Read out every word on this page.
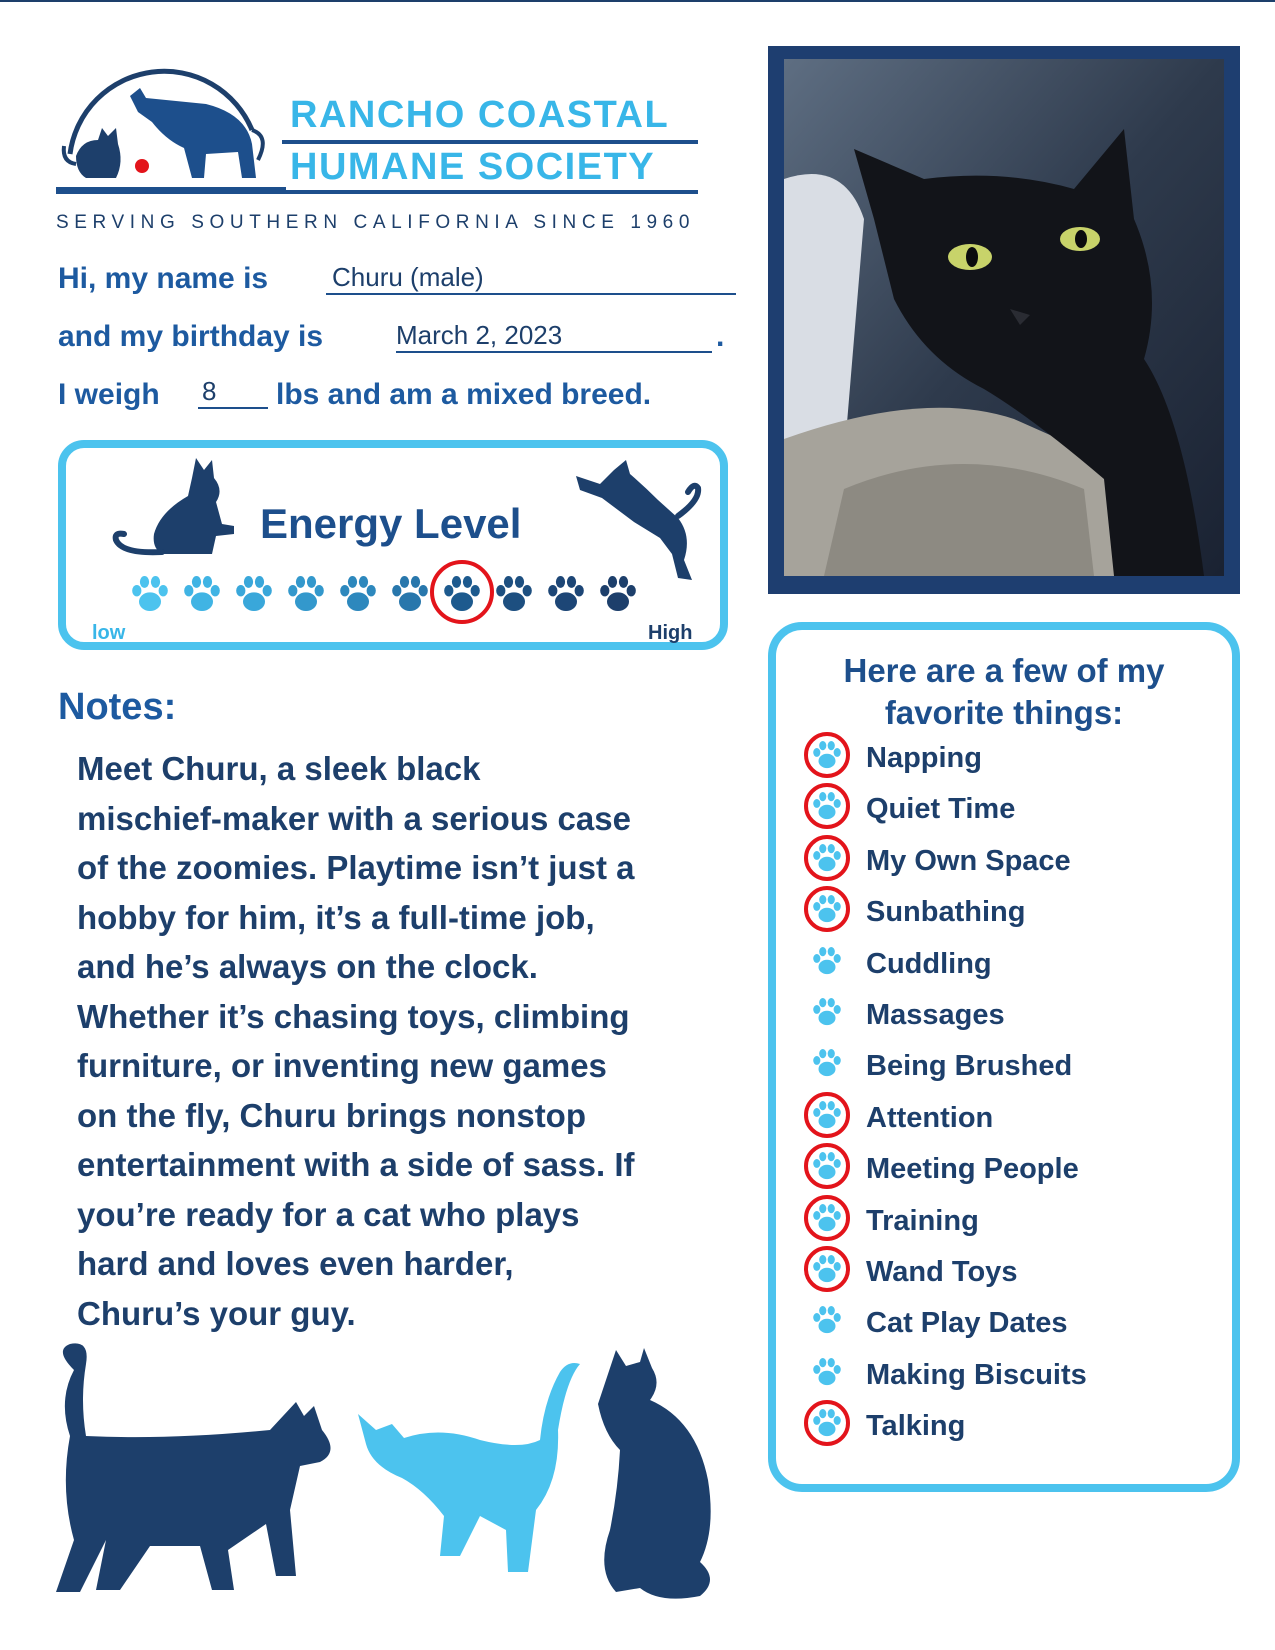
RANCHO COASTAL
HUMANE SOCIETY
SERVING SOUTHERN CALIFORNIA SINCE 1960
Hi, my name is Churu (male)
and my birthday is	March 2, 2023	.
I weigh 8	lbs and am a mixed breed.
Energy Level
low	High
Notes:
Meet Churu, a sleek black
mischief-maker with a serious case
of the zoomies. Playtime isn’t just a
hobby for him, it’s a full-time job,
and he’s always on the clock.
Whether it’s chasing toys, climbing
furniture, or inventing new games
on the fly, Churu brings nonstop
entertainment with a side of sass. If
you’re ready for a cat who plays
hard and loves even harder,
Churu’s your guy.
Here are a few of my
favorite things:
Napping
Quiet Time
My Own Space
Sunbathing
Cuddling
Massages
Being Brushed
Attention
Meeting People
Training
Wand Toys
Cat Play Dates
Making Biscuits
Talking
